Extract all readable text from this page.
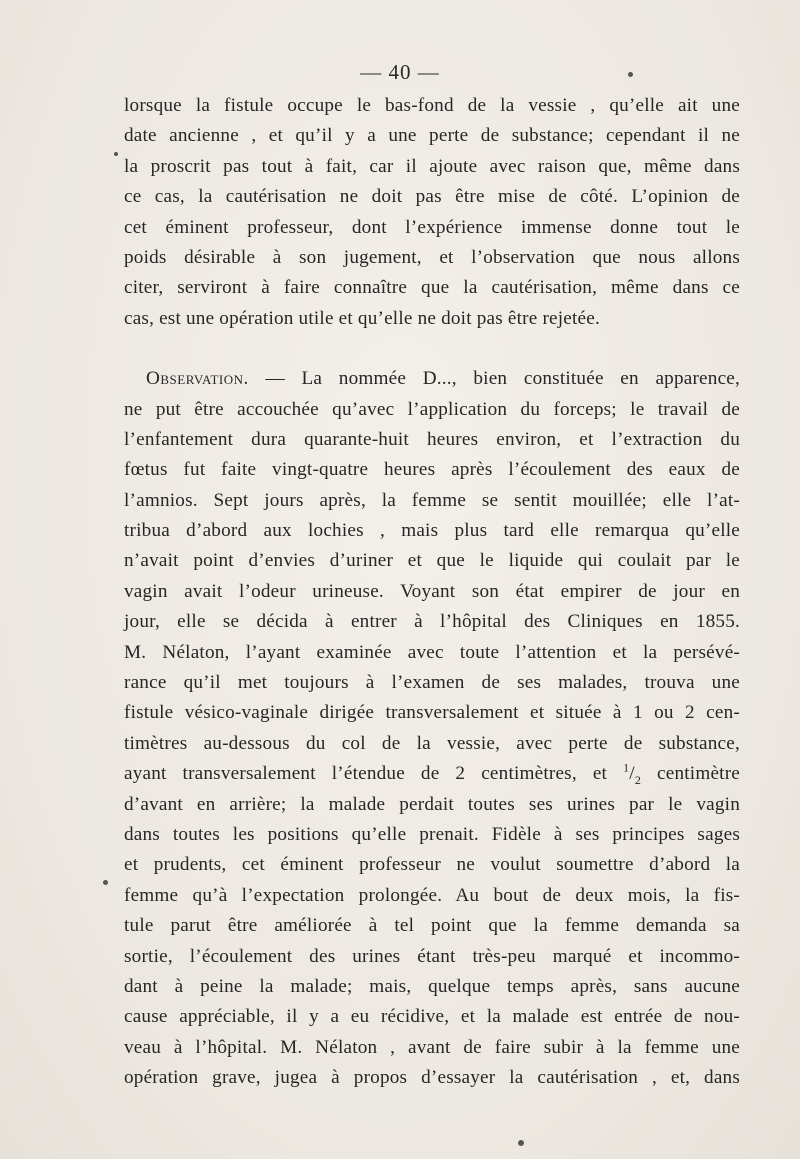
— 40 —
lorsque la fistule occupe le bas-fond de la vessie , qu’elle ait une
date ancienne , et qu’il y a une perte de substance; cependant il ne
la proscrit pas tout à fait, car il ajoute avec raison que, même dans
ce cas, la cautérisation ne doit pas être mise de côté. L’opinion de
cet éminent professeur, dont l’expérience immense donne tout le
poids désirable à son jugement, et l’observation que nous allons
citer, serviront à faire connaître que la cautérisation, même dans ce
cas, est une opération utile et qu’elle ne doit pas être rejetée.
Observation. — La nommée D..., bien constituée en apparence,
ne put être accouchée qu’avec l’application du forceps; le travail de
l’enfantement dura quarante-huit heures environ, et l’extraction du
fœtus fut faite vingt-quatre heures après l’écoulement des eaux de
l’amnios. Sept jours après, la femme se sentit mouillée; elle l’at-
tribua d’abord aux lochies , mais plus tard elle remarqua qu’elle
n’avait point d’envies d’uriner et que le liquide qui coulait par le
vagin avait l’odeur urineuse. Voyant son état empirer de jour en
jour, elle se décida à entrer à l’hôpital des Cliniques en 1855.
M. Nélaton, l’ayant examinée avec toute l’attention et la persévé-
rance qu’il met toujours à l’examen de ses malades, trouva une
fistule vésico-vaginale dirigée transversalement et située à 1 ou 2 cen-
timètres au-dessous du col de la vessie, avec perte de substance,
ayant transversalement l’étendue de 2 centimètres, et $^1/_2$ centimètre
d’avant en arrière; la malade perdait toutes ses urines par le vagin
dans toutes les positions qu’elle prenait. Fidèle à ses principes sages
et prudents, cet éminent professeur ne voulut soumettre d’abord la
femme qu’à l’expectation prolongée. Au bout de deux mois, la fis-
tule parut être améliorée à tel point que la femme demanda sa
sortie, l’écoulement des urines étant très-peu marqué et incommo-
dant à peine la malade; mais, quelque temps après, sans aucune
cause appréciable, il y a eu récidive, et la malade est entrée de nou-
veau à l’hôpital. M. Nélaton , avant de faire subir à la femme une
opération grave, jugea à propos d’essayer la cautérisation , et, dans
